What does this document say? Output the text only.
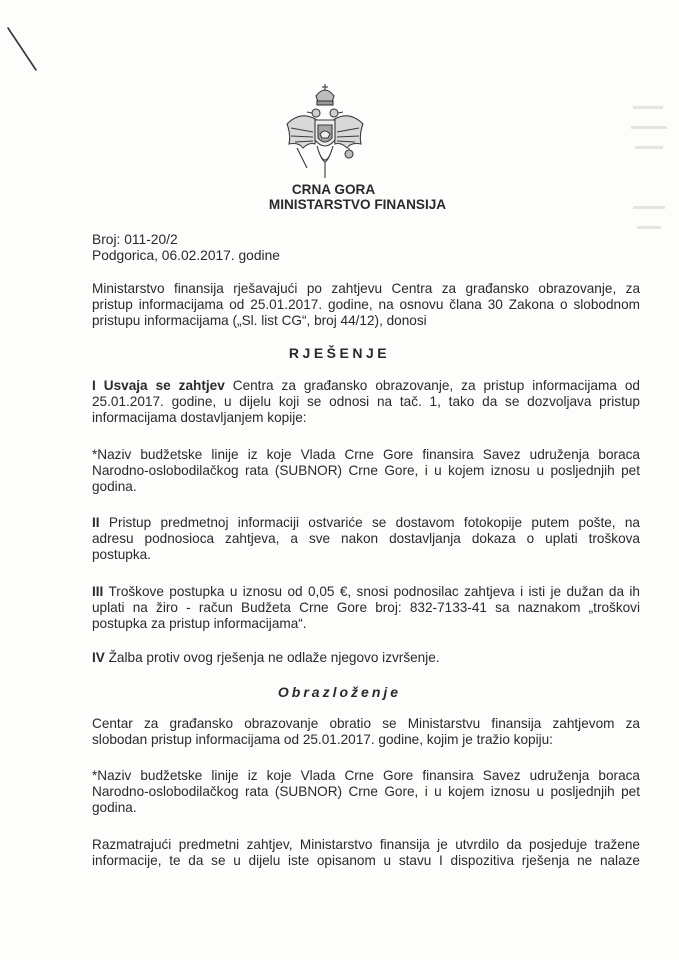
CRNA GORA
MINISTARSTVO FINANSIJA
Broj: 011-20/2
Podgorica, 06.02.2017. godine
Ministarstvo finansija rješavajući po zahtjevu Centra za građansko obrazovanje, za
pristup informacijama od 25.01.2017. godine, na osnovu člana 30 Zakona o slobodnom
pristupu informacijama („Sl. list CG“, broj 44/12), donosi
RJEŠENJE
I Usvaja se zahtjev Centra za građansko obrazovanje, za pristup informacijama od
25.01.2017. godine, u dijelu koji se odnosi na tač. 1, tako da se dozvoljava pristup
informacijama dostavljanjem kopije:
*Naziv budžetske linije iz koje Vlada Crne Gore finansira Savez udruženja boraca
Narodno-oslobodilačkog rata (SUBNOR) Crne Gore, i u kojem iznosu u posljednjih pet
godina.
II Pristup predmetnoj informaciji ostvariće se dostavom fotokopije putem pošte, na
adresu podnosioca zahtjeva, a sve nakon dostavljanja dokaza o uplati troškova
postupka.
III Troškove postupka u iznosu od 0,05 €, snosi podnosilac zahtjeva i isti je dužan da ih
uplati na žiro - račun Budžeta Crne Gore broj: 832-7133-41 sa naznakom „troškovi
postupka za pristup informacijama“.
IV Žalba protiv ovog rješenja ne odlaže njegovo izvršenje.
Obrazloženje
Centar za građansko obrazovanje obratio se Ministarstvu finansija zahtjevom za
slobodan pristup informacijama od 25.01.2017. godine, kojim je tražio kopiju:
*Naziv budžetske linije iz koje Vlada Crne Gore finansira Savez udruženja boraca
Narodno-oslobodilačkog rata (SUBNOR) Crne Gore, i u kojem iznosu u posljednjih pet
godina.
Razmatrajući predmetni zahtjev, Ministarstvo finansija je utvrdilo da posjeduje tražene
informacije, te da se u dijelu iste opisanom u stavu I dispozitiva rješenja ne nalaze
